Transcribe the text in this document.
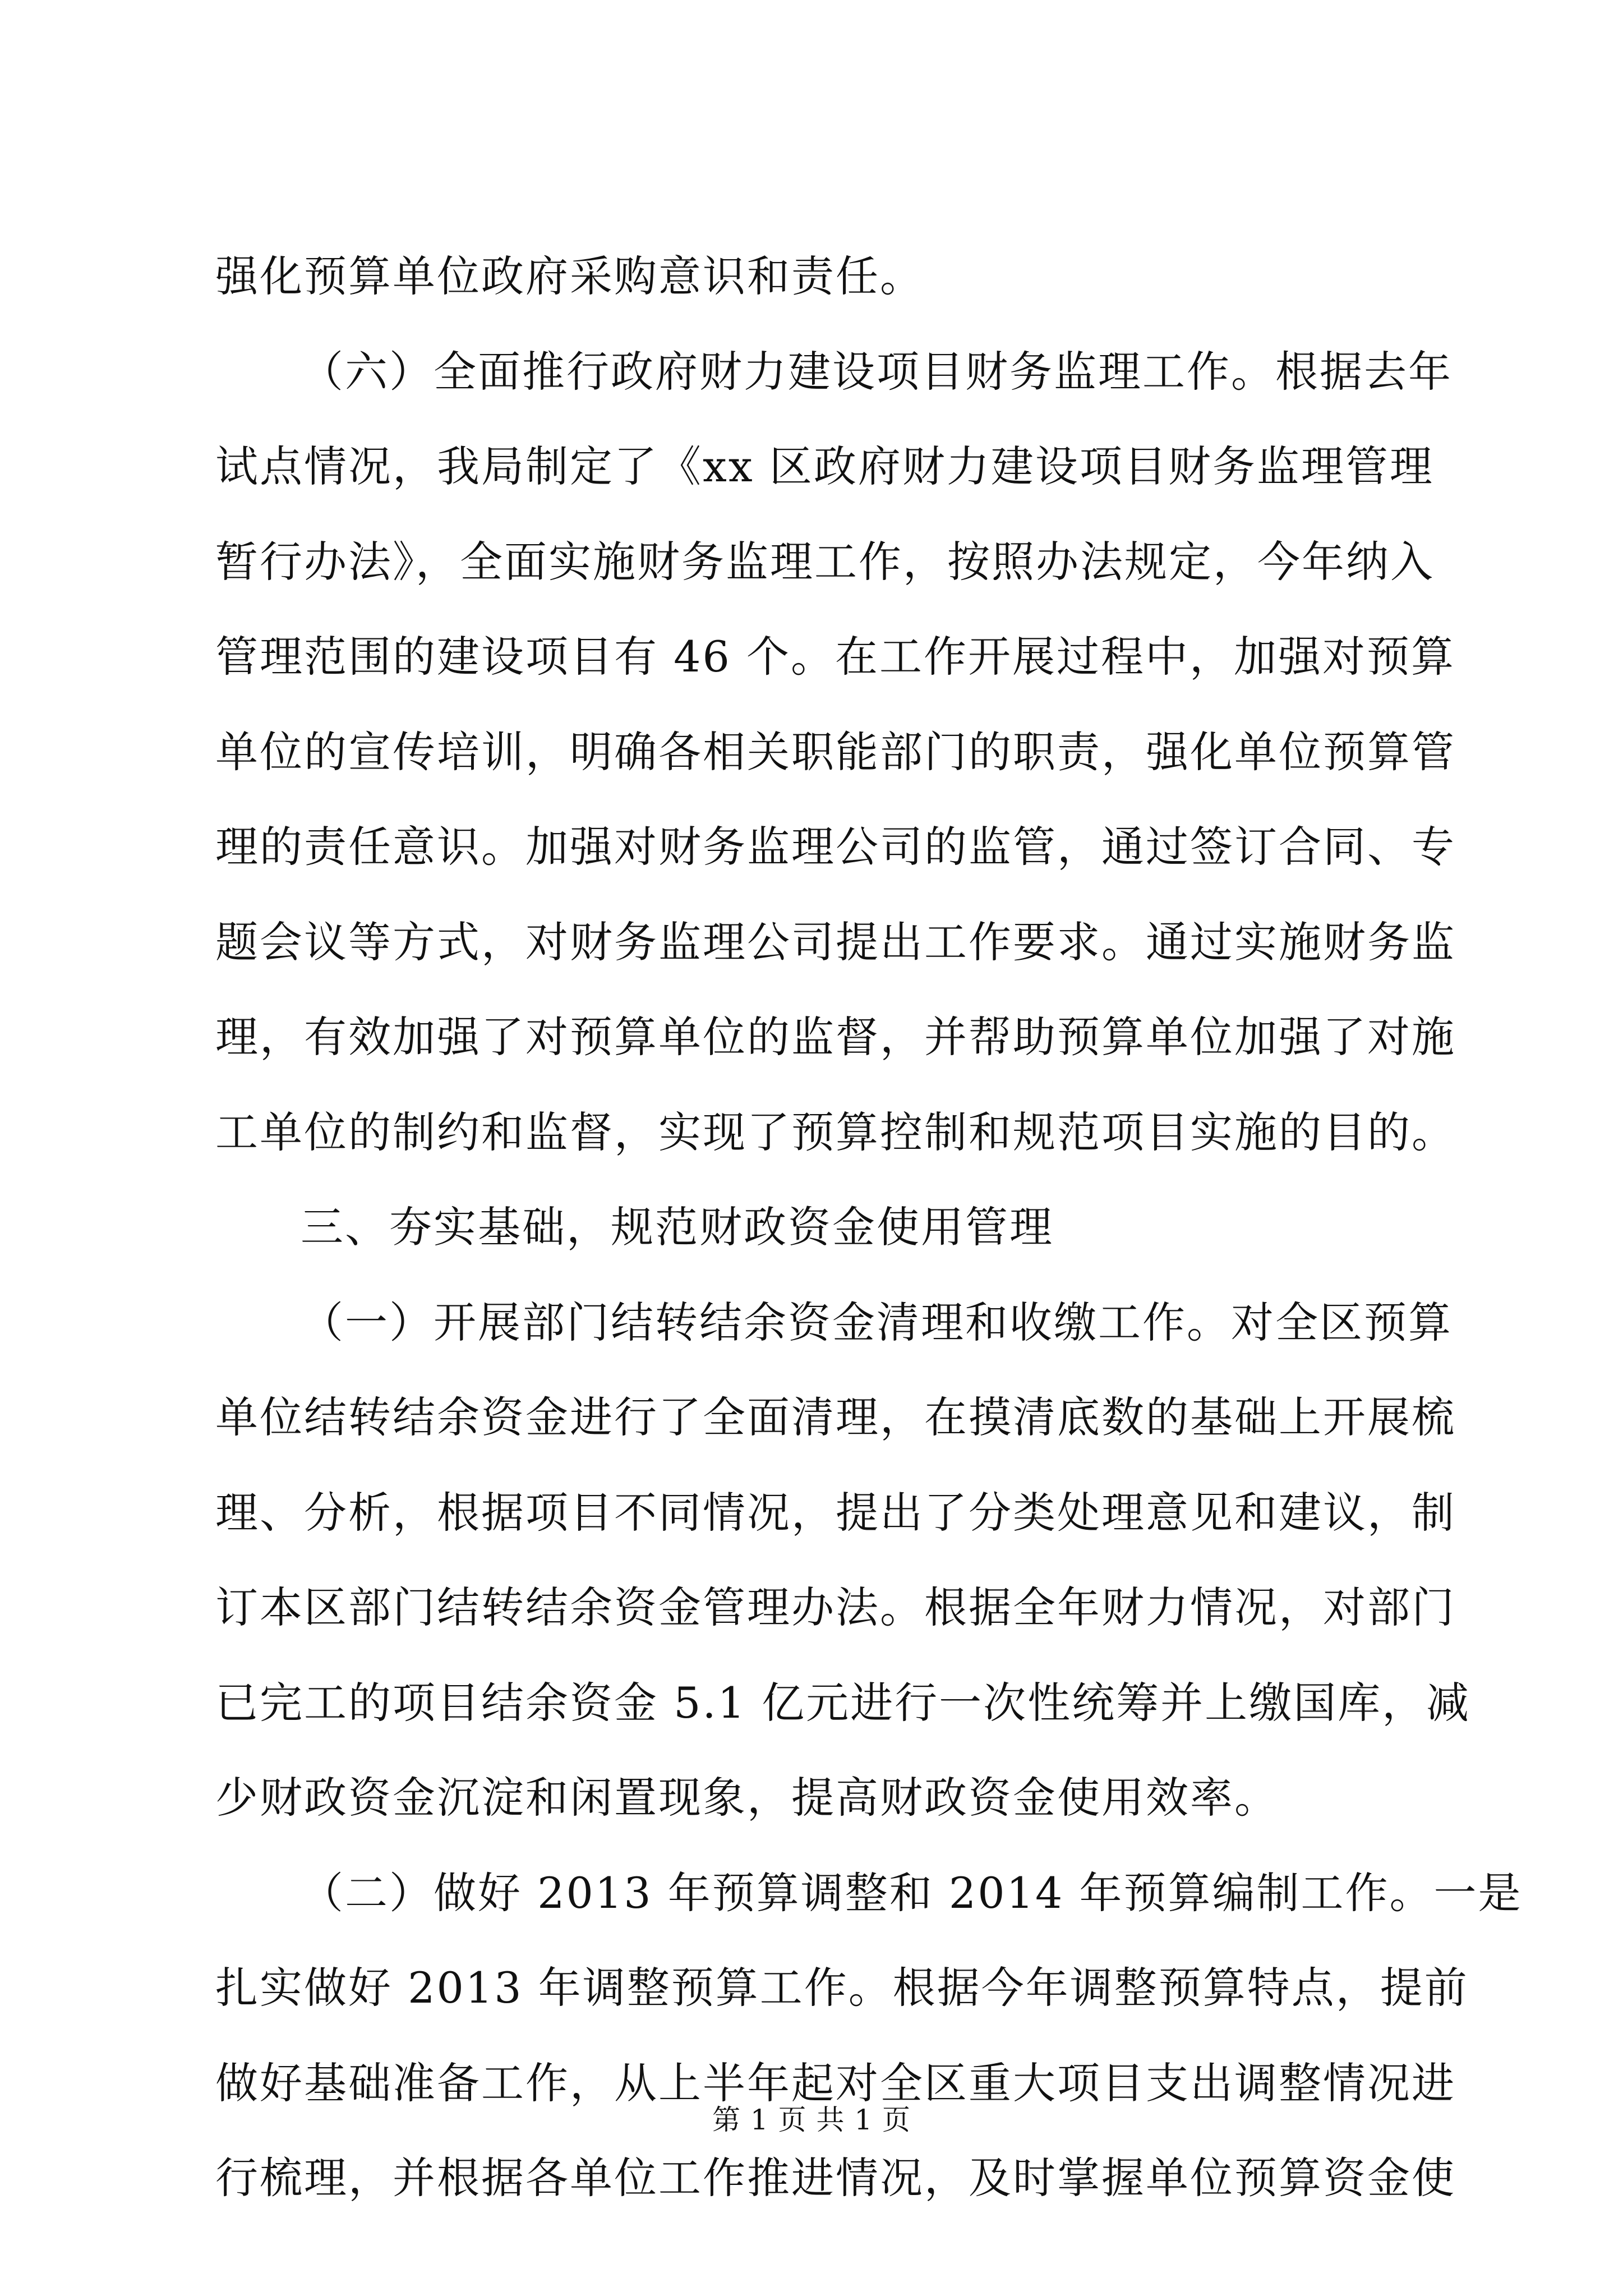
强化预算单位政府采购意识和责任。
（六）全面推行政府财力建设项目财务监理工作。根据去年
试点情况，我局制定了《xx 区政府财力建设项目财务监理管理
暂行办法》，全面实施财务监理工作，按照办法规定，今年纳入
管理范围的建设项目有 46 个。在工作开展过程中，加强对预算
单位的宣传培训，明确各相关职能部门的职责，强化单位预算管
理的责任意识。加强对财务监理公司的监管，通过签订合同、专
题会议等方式，对财务监理公司提出工作要求。通过实施财务监
理，有效加强了对预算单位的监督，并帮助预算单位加强了对施
工单位的制约和监督，实现了预算控制和规范项目实施的目的。
三、夯实基础，规范财政资金使用管理
（一）开展部门结转结余资金清理和收缴工作。对全区预算
单位结转结余资金进行了全面清理，在摸清底数的基础上开展梳
理、分析，根据项目不同情况，提出了分类处理意见和建议，制
订本区部门结转结余资金管理办法。根据全年财力情况，对部门
已完工的项目结余资金 5.1 亿元进行一次性统筹并上缴国库，减
少财政资金沉淀和闲置现象，提高财政资金使用效率。
（二）做好 2013 年预算调整和 2014 年预算编制工作。一是
扎实做好 2013 年调整预算工作。根据今年调整预算特点，提前
做好基础准备工作，从上半年起对全区重大项目支出调整情况进
行梳理，并根据各单位工作推进情况，及时掌握单位预算资金使
第 1 页 共 1 页
